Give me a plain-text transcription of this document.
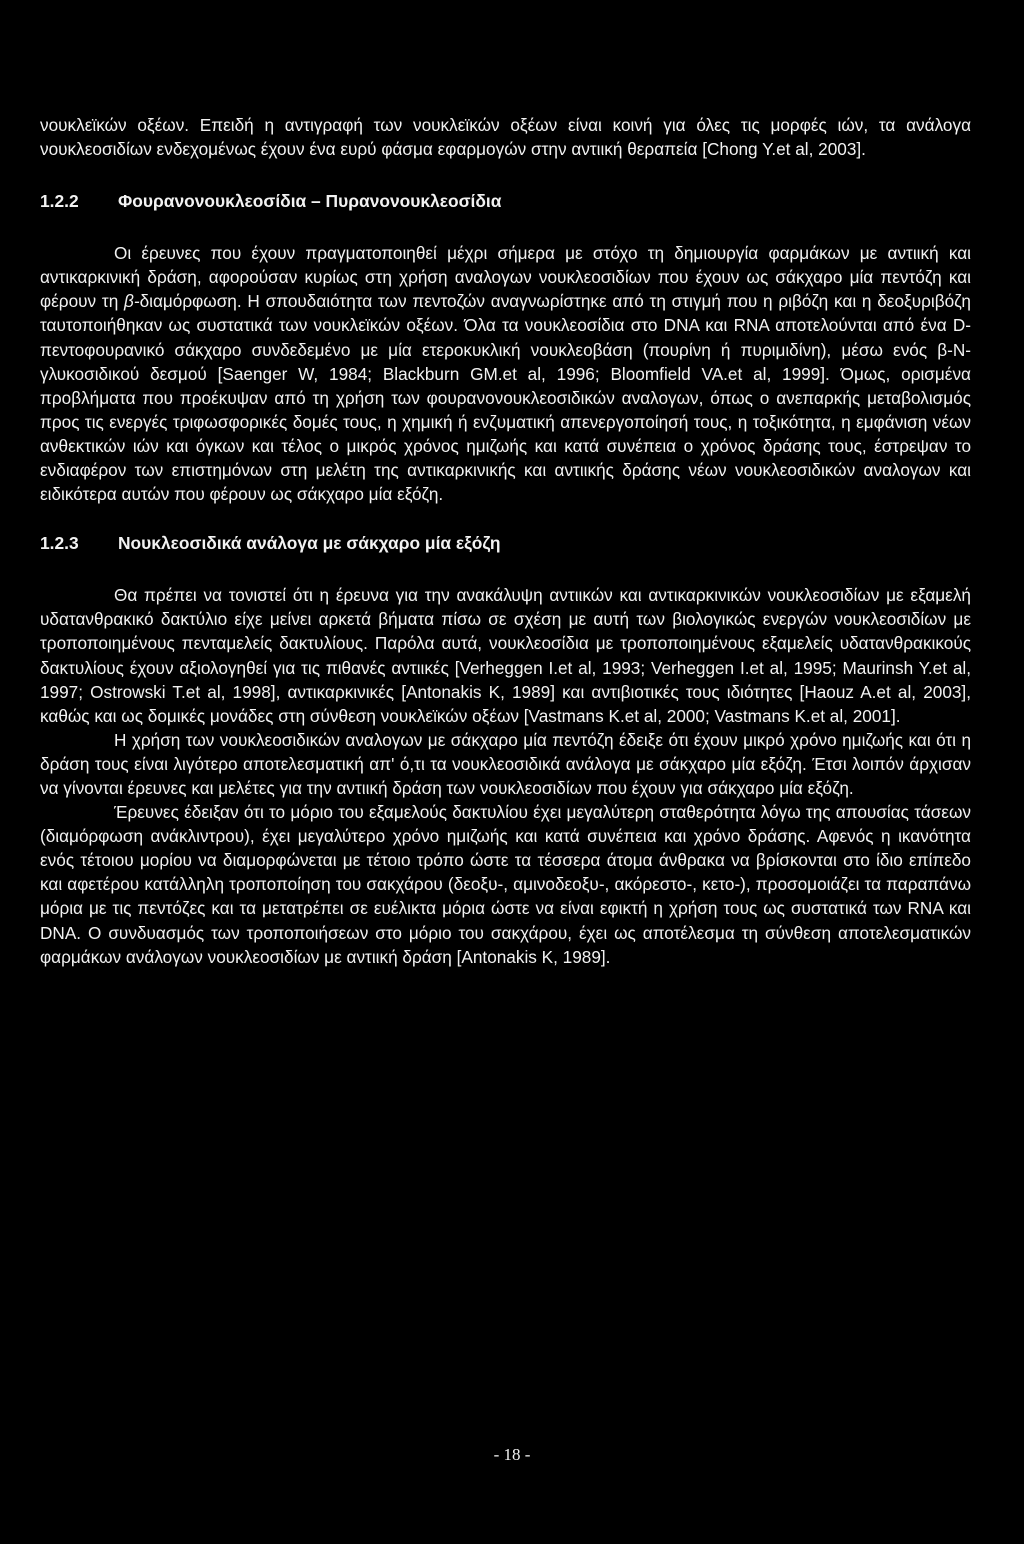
νουκλεϊκών οξέων. Επειδή η αντιγραφή των νουκλεϊκών οξέων είναι κοινή για όλες τις μορφές ιών, τα ανάλογα νουκλεοσιδίων ενδεχομένως έχουν ένα ευρύ φάσμα εφαρμογών στην αντιική θεραπεία [Chong Y.et al, 2003].

1.2.2 Φουρανονουκλεοσίδια – Πυρανονουκλεοσίδια

Οι έρευνες που έχουν πραγματοποιηθεί μέχρι σήμερα με στόχο τη δημιουργία φαρμάκων με αντιική και αντικαρκινική δράση, αφορούσαν κυρίως στη χρήση αναλογων νουκλεοσιδίων που έχουν ως σάκχαρο μία πεντόζη και φέρουν τη β-διαμόρφωση. Η σπουδαιότητα των πεντοζών αναγνωρίστηκε από τη στιγμή που η ριβόζη και η δεοξυριβόζη ταυτοποιήθηκαν ως συστατικά των νουκλεϊκών οξέων. Όλα τα νουκλεοσίδια στο DNA και RNA αποτελούνται από ένα D-πεντοφουρανικό σάκχαρο συνδεδεμένο με μία ετεροκυκλική νουκλεοβάση (πουρίνη ή πυριμιδίνη), μέσω ενός β-Ν-γλυκοσιδικού δεσμού [Saenger W, 1984; Blackburn GM.et al, 1996; Bloomfield VA.et al, 1999]. Όμως, ορισμένα προβλήματα που προέκυψαν από τη χρήση των φουρανονουκλεοσιδικών αναλογων, όπως ο ανεπαρκής μεταβολισμός προς τις ενεργές τριφωσφορικές δομές τους, η χημική ή ενζυματική απενεργοποίησή τους, η τοξικότητα, η εμφάνιση νέων ανθεκτικών ιών και όγκων και τέλος ο μικρός χρόνος ημιζωής και κατά συνέπεια ο χρόνος δράσης τους, έστρεψαν το ενδιαφέρον των επιστημόνων στη μελέτη της αντικαρκινικής και αντιικής δράσης νέων νουκλεοσιδικών αναλογων και ειδικότερα αυτών που φέρουν ως σάκχαρο μία εξόζη.

1.2.3 Νουκλεοσιδικά ανάλογα με σάκχαρο μία εξόζη

Θα πρέπει να τονιστεί ότι η έρευνα για την ανακάλυψη αντιικών και αντικαρκινικών νουκλεοσιδίων με εξαμελή υδατανθρακικό δακτύλιο είχε μείνει αρκετά βήματα πίσω σε σχέση με αυτή των βιολογικώς ενεργών νουκλεοσιδίων με τροποποιημένους πενταμελείς δακτυλίους. Παρόλα αυτά, νουκλεοσίδια με τροποποιημένους εξαμελείς υδατανθρακικούς δακτυλίους έχουν αξιολογηθεί για τις πιθανές αντιικές [Verheggen I.et al, 1993; Verheggen I.et al, 1995; Maurinsh Y.et al, 1997; Ostrowski T.et al, 1998], αντικαρκινικές [Antonakis K, 1989] και αντιβιοτικές τους ιδιότητες [Haouz A.et al, 2003], καθώς και ως δομικές μονάδες στη σύνθεση νουκλεϊκών οξέων [Vastmans K.et al, 2000; Vastmans K.et al, 2001].

Η χρήση των νουκλεοσιδικών αναλογων με σάκχαρο μία πεντόζη έδειξε ότι έχουν μικρό χρόνο ημιζωής και ότι η δράση τους είναι λιγότερο αποτελεσματική απ' ό,τι τα νουκλεοσιδικά ανάλογα με σάκχαρο μία εξόζη. Έτσι λοιπόν άρχισαν να γίνονται έρευνες και μελέτες για την αντιική δράση των νουκλεοσιδίων που έχουν για σάκχαρο μία εξόζη.

Έρευνες έδειξαν ότι το μόριο του εξαμελούς δακτυλίου έχει μεγαλύτερη σταθερότητα λόγω της απουσίας τάσεων (διαμόρφωση ανάκλιντρου), έχει μεγαλύτερο χρόνο ημιζωής και κατά συνέπεια και χρόνο δράσης. Αφενός η ικανότητα ενός τέτοιου μορίου να διαμορφώνεται με τέτοιο τρόπο ώστε τα τέσσερα άτομα άνθρακα να βρίσκονται στο ίδιο επίπεδο και αφετέρου κατάλληλη τροποποίηση του σακχάρου (δεοξυ-, αμινοδεοξυ-, ακόρεστο-, κετο-), προσομοιάζει τα παραπάνω μόρια με τις πεντόζες και τα μετατρέπει σε ευέλικτα μόρια ώστε να είναι εφικτή η χρήση τους ως συστατικά των RNA και DNA. Ο συνδυασμός των τροποποιήσεων στο μόριο του σακχάρου, έχει ως αποτέλεσμα τη σύνθεση αποτελεσματικών φαρμάκων ανάλογων νουκλεοσιδίων με αντιική δράση [Antonakis K, 1989].

- 18 -
